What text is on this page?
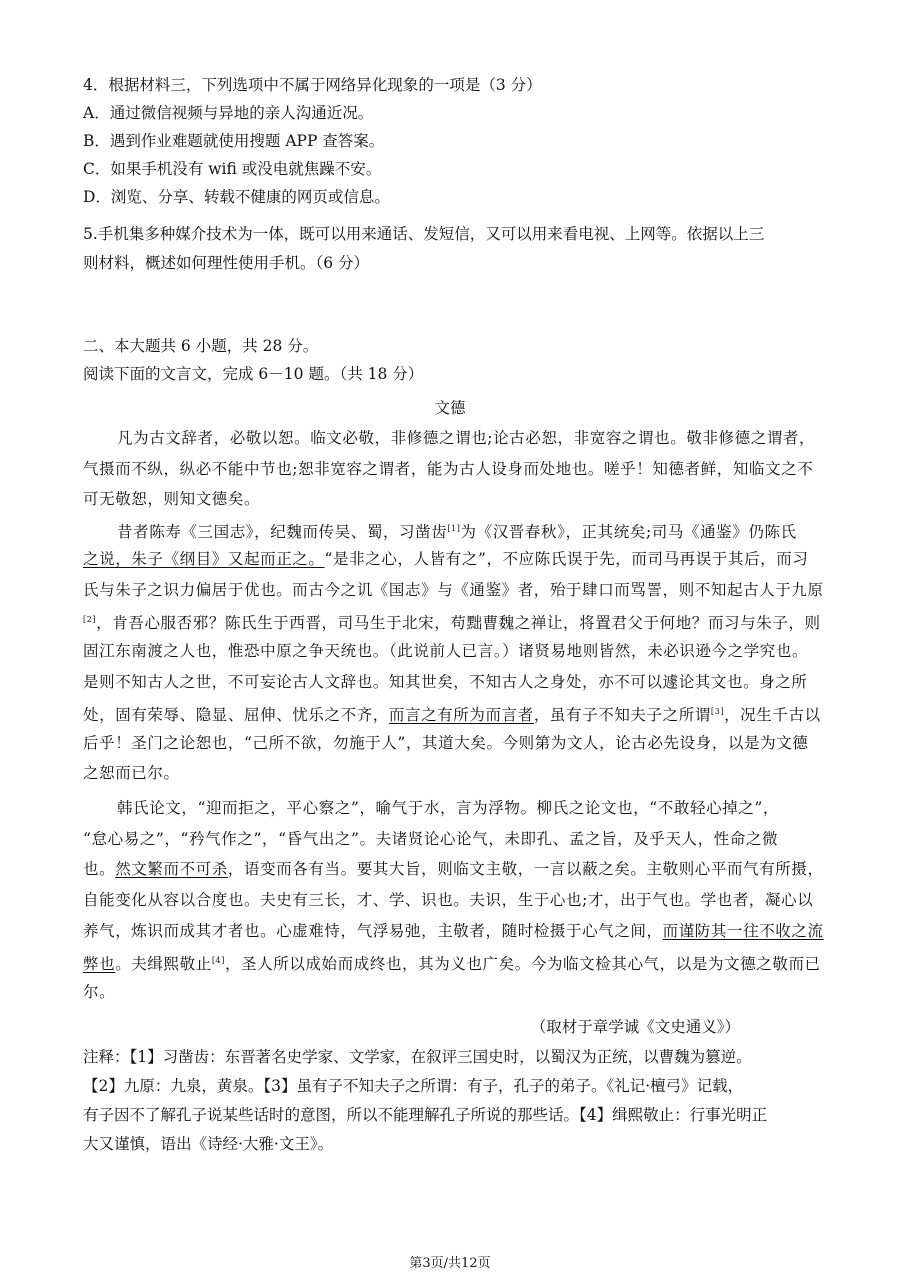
4．根据材料三，下列选项中不属于网络异化现象的一项是（3 分）
A．通过微信视频与异地的亲人沟通近况。
B．遇到作业难题就使用搜题 APP 查答案。
C．如果手机没有 wifi 或没电就焦躁不安。
D．浏览、分享、转载不健康的网页或信息。
5.手机集多种媒介技术为一体，既可以用来通话、发短信，又可以用来看电视、上网等。依据以上三
则材料，概述如何理性使用手机。（6 分）
二、本大题共 6 小题，共 28 分。
阅读下面的文言文，完成 6－10 题。（共 18 分）
文德
凡为古文辞者，必敬以恕。临文必敬，非修德之谓也;论古必恕，非宽容之谓也。敬非修德之谓者，
气摄而不纵，纵必不能中节也;恕非宽容之谓者，能为古人设身而处地也。嗟乎！知德者鲜，知临文之不
可无敬恕，则知文德矣。
昔者陈寿《三国志》，纪魏而传吴、蜀，习凿齿[1]为《汉晋春秋》，正其统矣;司马《通鉴》仍陈氏
之说，朱子《纲目》又起而正之。“是非之心，人皆有之”，不应陈氏误于先，而司马再误于其后，而习
氏与朱子之识力偏居于优也。而古今之讥《国志》与《通鉴》者，殆于肆口而骂詈，则不知起古人于九原
[2]，肯吾心服否邪？陈氏生于西晋，司马生于北宋，苟黜曹魏之禅让，将置君父于何地？而习与朱子，则
固江东南渡之人也，惟恐中原之争天统也。（此说前人已言。）诸贤易地则皆然，未必识逊今之学究也。
是则不知古人之世，不可妄论古人文辞也。知其世矣，不知古人之身处，亦不可以遽论其文也。身之所
处，固有荣辱、隐显、屈伸、忧乐之不齐，而言之有所为而言者，虽有子不知夫子之所谓[3]，况生千古以
后乎！圣门之论恕也，“己所不欲，勿施于人”，其道大矣。今则第为文人，论古必先设身，以是为文德
之恕而已尔。
韩氏论文，“迎而拒之，平心察之”，喻气于水，言为浮物。柳氏之论文也，“不敢轻心掉之”，
“怠心易之”，“矜气作之”，“昏气出之”。夫诸贤论心论气，未即孔、孟之旨，及乎天人，性命之微
也。然文繁而不可杀，语变而各有当。要其大旨，则临文主敬，一言以蔽之矣。主敬则心平而气有所摄，
自能变化从容以合度也。夫史有三长，才、学、识也。夫识，生于心也;才，出于气也。学也者，凝心以
养气，炼识而成其才者也。心虚难恃，气浮易弛，主敬者，随时检摄于心气之间，而谨防其一往不收之流
弊也。夫缉熙敬止[4]，圣人所以成始而成终也，其为义也广矣。今为临文检其心气，以是为文德之敬而已
尔。
（取材于章学诚《文史通义》）
注释：【1】习凿齿：东晋著名史学家、文学家，在叙评三国史时，以蜀汉为正统，以曹魏为篡逆。
【2】九原：九泉，黄泉。【3】虽有子不知夫子之所谓：有子，孔子的弟子。《礼记·檀弓》记载，
有子因不了解孔子说某些话时的意图，所以不能理解孔子所说的那些话。【4】缉熙敬止：行事光明正
大又谨慎，语出《诗经·大雅·文王》。
第3页/共12页
